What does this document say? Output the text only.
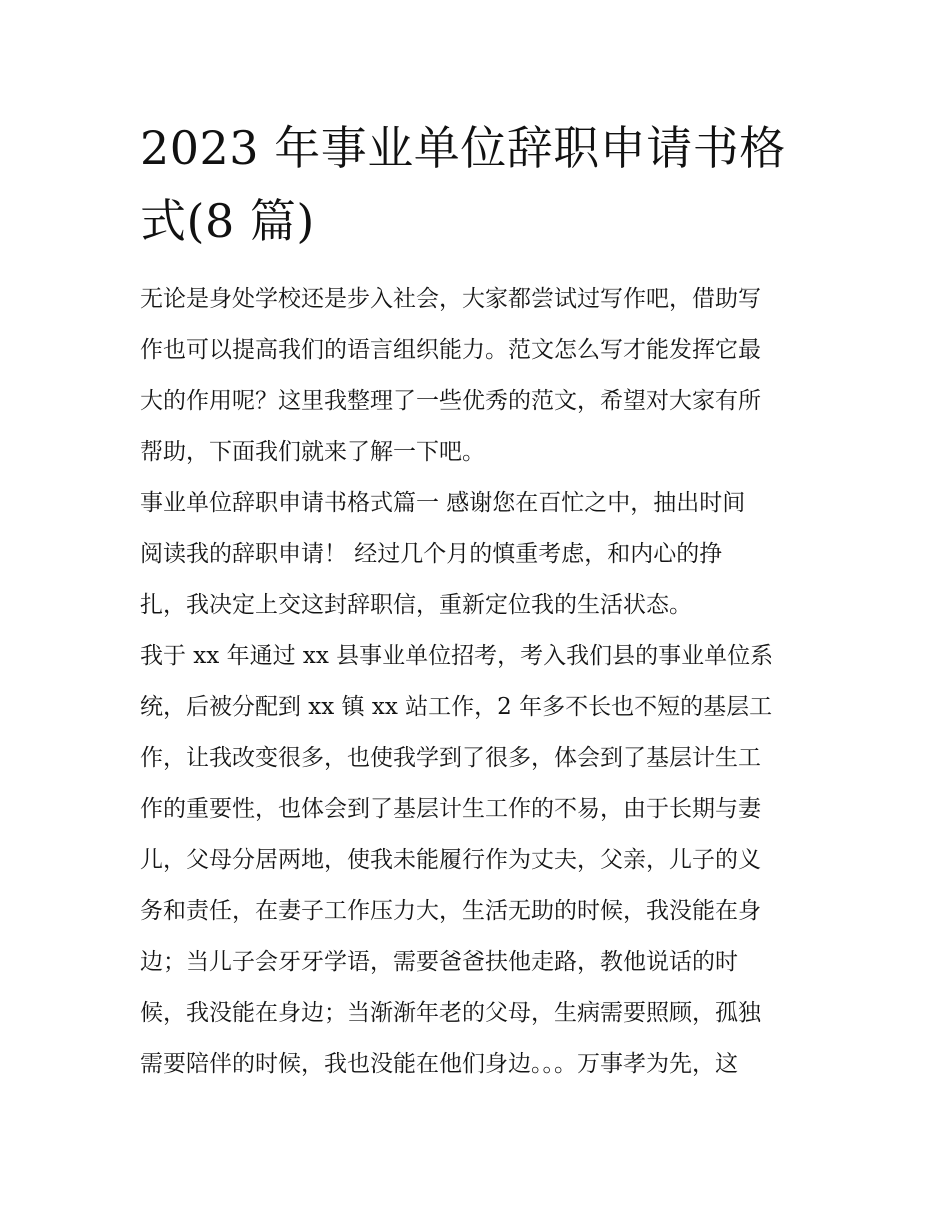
2023 年事业单位辞职申请书格
式(8 篇)
无论是身处学校还是步入社会，大家都尝试过写作吧，借助写
作也可以提高我们的语言组织能力。范文怎么写才能发挥它最
大的作用呢？这里我整理了一些优秀的范文，希望对大家有所
帮助，下面我们就来了解一下吧。
事业单位辞职申请书格式篇一 感谢您在百忙之中，抽出时间
阅读我的辞职申请！ 经过几个月的慎重考虑，和内心的挣
扎，我决定上交这封辞职信，重新定位我的生活状态。
我于 xx 年通过 xx 县事业单位招考，考入我们县的事业单位系
统，后被分配到 xx 镇 xx 站工作，2 年多不长也不短的基层工
作，让我改变很多，也使我学到了很多，体会到了基层计生工
作的重要性，也体会到了基层计生工作的不易，由于长期与妻
儿，父母分居两地，使我未能履行作为丈夫，父亲，儿子的义
务和责任，在妻子工作压力大，生活无助的时候，我没能在身
边；当儿子会牙牙学语，需要爸爸扶他走路，教他说话的时
候，我没能在身边；当渐渐年老的父母，生病需要照顾，孤独
需要陪伴的时候，我也没能在他们身边。。。万事孝为先，这
